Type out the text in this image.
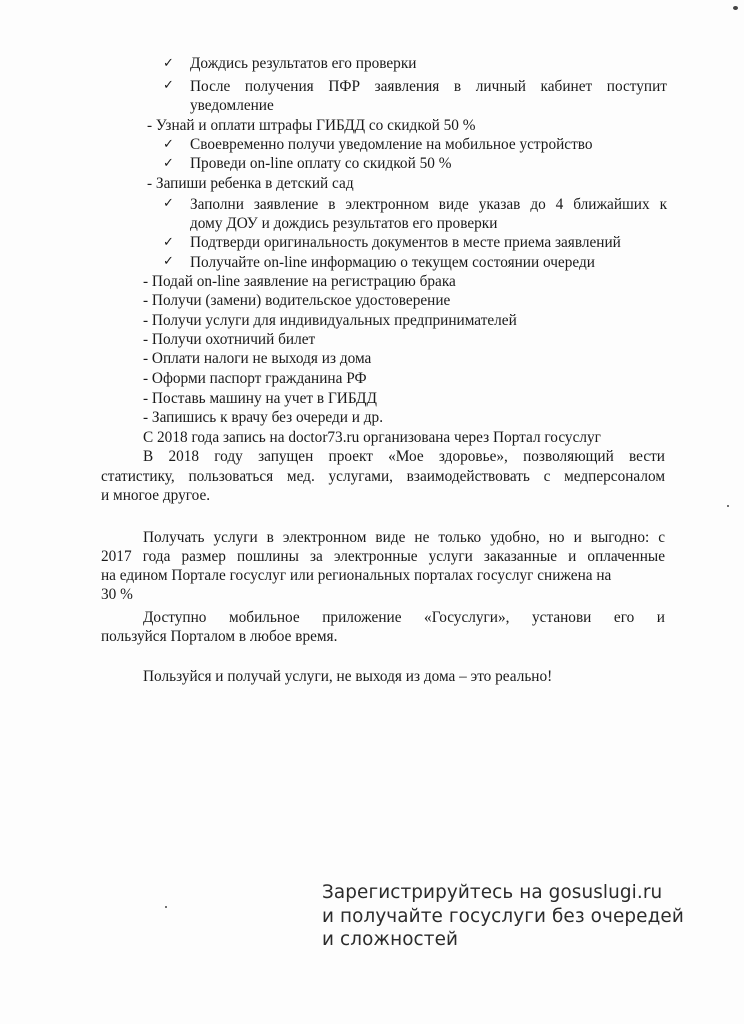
✓	Дождись результатов его проверки
✓	После получения ПФР заявления в личный кабинет поступит
уведомление
- Узнай и оплати штрафы ГИБДД со скидкой 50 %
✓	Своевременно получи уведомление на мобильное устройство
✓	Проведи on-line оплату со скидкой 50 %
- Запиши ребенка в детский сад
✓	Заполни заявление в электронном виде указав до 4 ближайших к
дому ДОУ и дождись результатов его проверки
✓	Подтверди оригинальность документов в месте приема заявлений
✓	Получайте on-line информацию о текущем состоянии очереди
- Подай on-line заявление на регистрацию брака
- Получи (замени) водительское удостоверение
- Получи услуги для индивидуальных предпринимателей
- Получи охотничий билет
- Оплати налоги не выходя из дома
- Оформи паспорт гражданина РФ
- Поставь машину на учет в ГИБДД
- Запишись к врачу без очереди и др.
С 2018 года запись на doctor73.ru организована через Портал госуслуг
В 2018 году запущен проект «Мое здоровье», позволяющий вести
статистику, пользоваться мед. услугами, взаимодействовать с медперсоналом
и многое другое.
Получать услуги в электронном виде не только удобно, но и выгодно: с
2017 года размер пошлины за электронные услуги заказанные и оплаченные
на едином Портале госуслуг или региональных порталах госуслуг снижена на
30 %
Доступно мобильное приложение «Госуслуги», установи его и
пользуйся Порталом в любое время.
Пользуйся и получай услуги, не выходя из дома – это реально!
Зарегистрируйтесь на gosuslugi.ru
и получайте госуслуги без очередей
и сложностей
